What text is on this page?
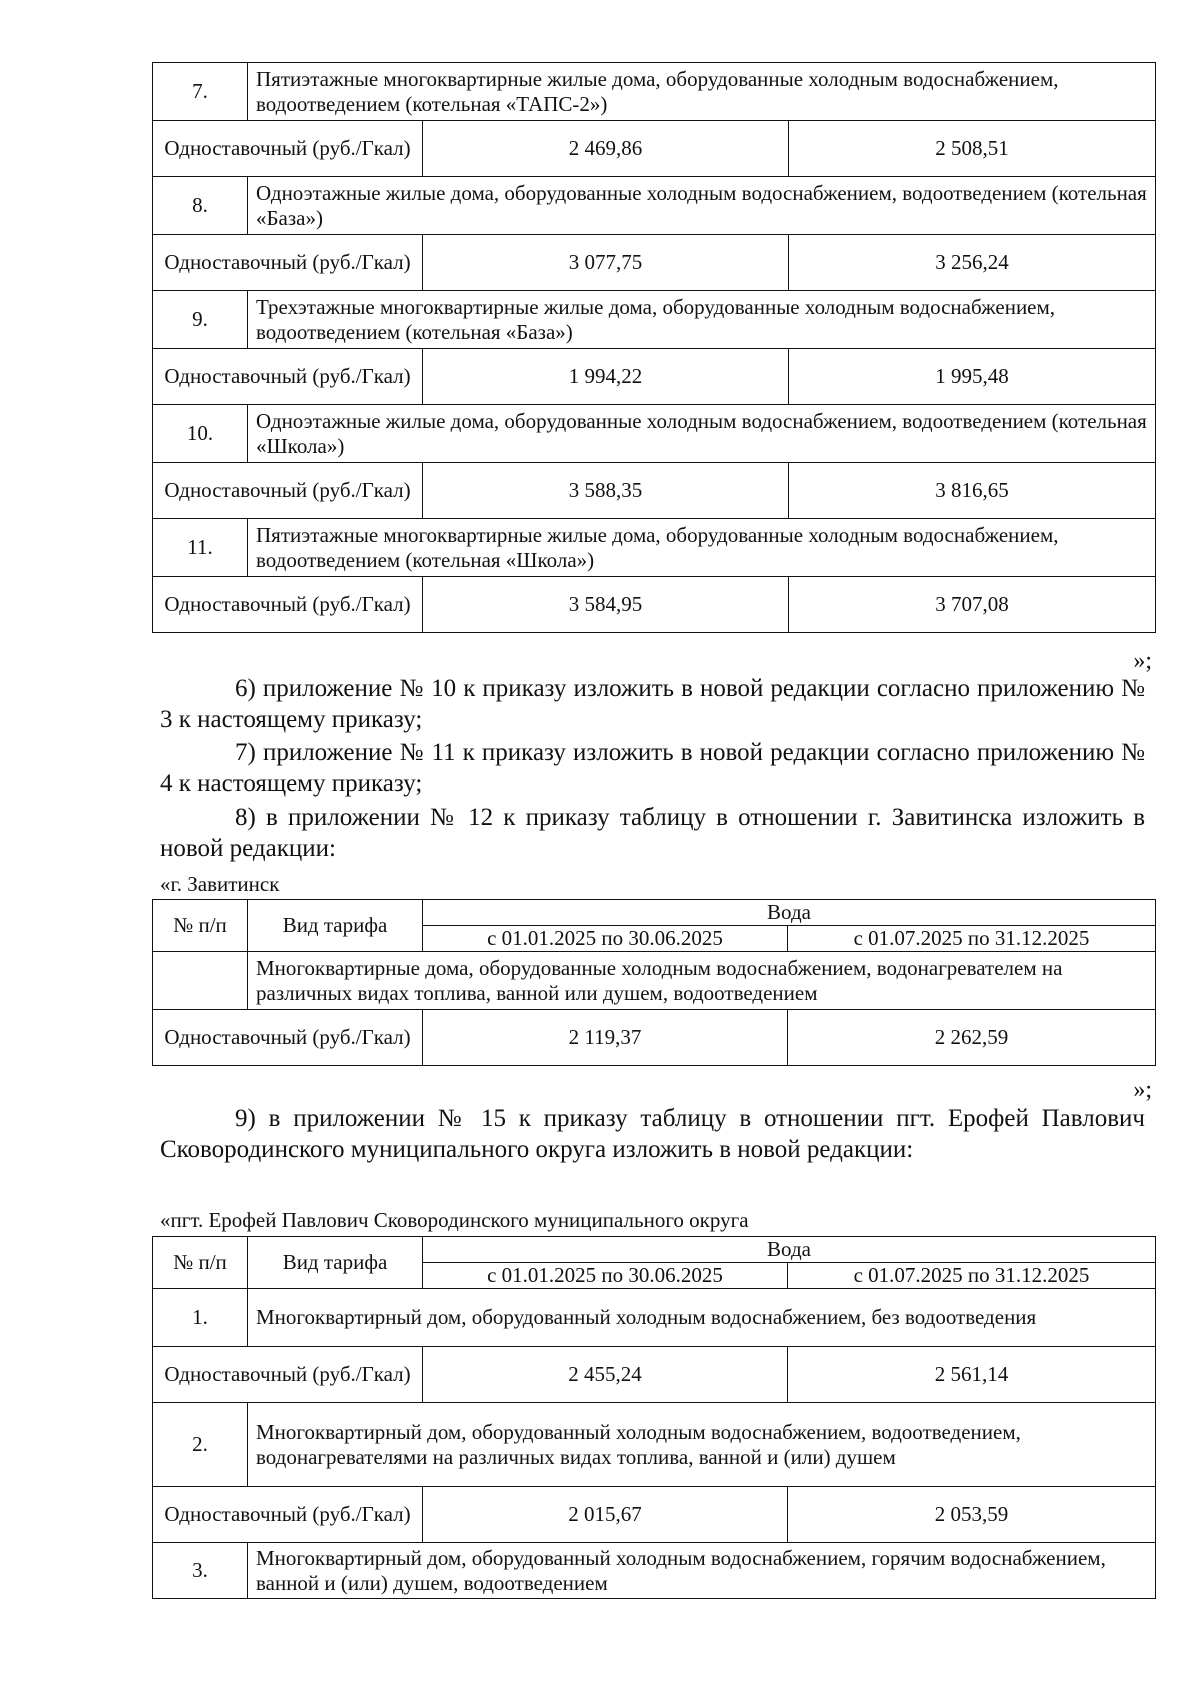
7.	Пятиэтажные многоквартирные жилые дома, оборудованные холодным водоснабжением, водоотведением (котельная «ТАПС-2»)		
Одноставочный (руб./Гкал)		2 469,86	2 508,51
8.	Одноэтажные жилые дома, оборудованные холодным водоснабжением, водоотведением (котельная «База»)		
Одноставочный (руб./Гкал)		3 077,75	3 256,24
9.	Трехэтажные многоквартирные жилые дома, оборудованные холодным водоснабжением, водоотведением (котельная «База»)		
Одноставочный (руб./Гкал)		1 994,22	1 995,48
10.	Одноэтажные жилые дома, оборудованные холодным водоснабжением, водоотведением (котельная «Школа»)		
Одноставочный (руб./Гкал)		3 588,35	3 816,65
11.	Пятиэтажные многоквартирные жилые дома, оборудованные холодным водоснабжением, водоотведением (котельная «Школа»)		
Одноставочный (руб./Гкал)		3 584,95	3 707,08
»;
6) приложение № 10 к приказу изложить в новой редакции согласно приложению № 3 к настоящему приказу;
7) приложение № 11 к приказу изложить в новой редакции согласно приложению № 4 к настоящему приказу;
8) в приложении № 12 к приказу таблицу в отношении г. Завитинска изложить в новой редакции:
«г. Завитинск
№ п/п	Вид тарифа	Вода	
		с 01.01.2025 по 30.06.2025	с 01.07.2025 по 31.12.2025
	Многоквартирные дома, оборудованные холодным водоснабжением, водонагревателем на различных видах топлива, ванной или душем, водоотведением		
Одноставочный (руб./Гкал)		2 119,37	2 262,59
»;
9) в приложении № 15 к приказу таблицу в отношении пгт. Ерофей Павлович Сковородинского муниципального округа изложить в новой редакции:
«пгт. Ерофей Павлович Сковородинского муниципального округа
№ п/п	Вид тарифа	Вода	
		с 01.01.2025 по 30.06.2025	с 01.07.2025 по 31.12.2025
1.	Многоквартирный дом, оборудованный холодным водоснабжением, без водоотведения		
Одноставочный (руб./Гкал)		2 455,24	2 561,14
2.	Многоквартирный дом, оборудованный холодным водоснабжением, водоотведением, водонагревателями на различных видах топлива, ванной и (или) душем		
Одноставочный (руб./Гкал)		2 015,67	2 053,59
3.	Многоквартирный дом, оборудованный холодным водоснабжением, горячим водоснабжением, ванной и (или) душем, водоотведением		
